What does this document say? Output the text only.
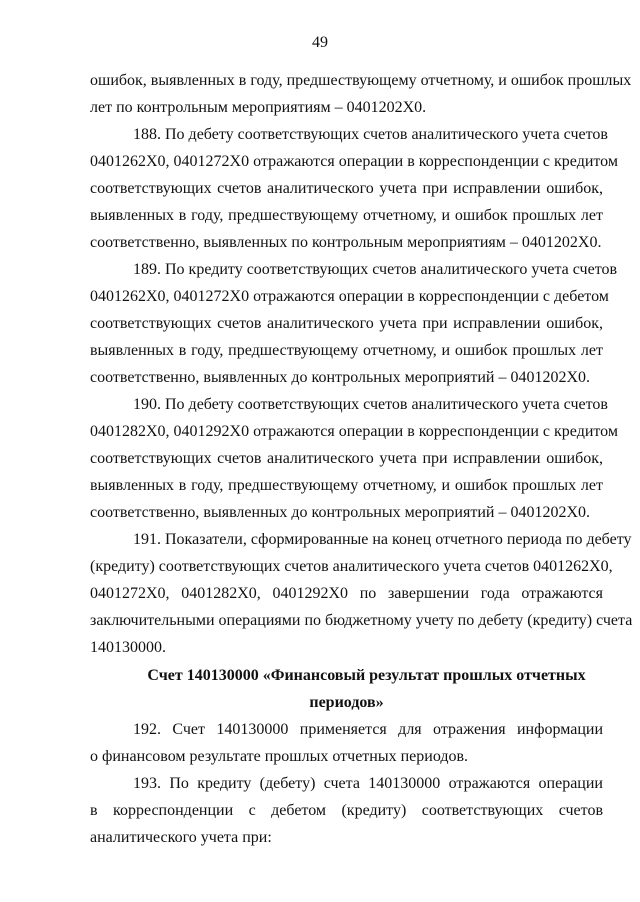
49
ошибок, выявленных в году, предшествующему отчетному, и ошибок прошлых
лет по контрольным мероприятиям – 0401202Х0.
188. По дебету соответствующих счетов аналитического учета счетов
0401262Х0, 0401272Х0 отражаются операции в корреспонденции с кредитом
соответствующих счетов аналитического учета при исправлении ошибок,
выявленных в году, предшествующему отчетному, и ошибок прошлых лет
соответственно, выявленных по контрольным мероприятиям – 0401202Х0.
189. По кредиту соответствующих счетов аналитического учета счетов
0401262Х0, 0401272Х0 отражаются операции в корреспонденции с дебетом
соответствующих счетов аналитического учета при исправлении ошибок,
выявленных в году, предшествующему отчетному, и ошибок прошлых лет
соответственно, выявленных до контрольных мероприятий – 0401202Х0.
190. По дебету соответствующих счетов аналитического учета счетов
0401282Х0, 0401292Х0 отражаются операции в корреспонденции с кредитом
соответствующих счетов аналитического учета при исправлении ошибок,
выявленных в году, предшествующему отчетному, и ошибок прошлых лет
соответственно, выявленных до контрольных мероприятий – 0401202Х0.
191. Показатели, сформированные на конец отчетного периода по дебету
(кредиту) соответствующих счетов аналитического учета счетов 0401262Х0,
0401272Х0, 0401282Х0, 0401292Х0 по завершении года отражаются
заключительными операциями по бюджетному учету по дебету (кредиту) счета
140130000.
Счет 140130000 «Финансовый результат прошлых отчетных
периодов»
192. Счет 140130000 применяется для отражения информации
о финансовом результате прошлых отчетных периодов.
193. По кредиту (дебету) счета 140130000 отражаются операции
в корреспонденции с дебетом (кредиту) соответствующих счетов
аналитического учета при:
